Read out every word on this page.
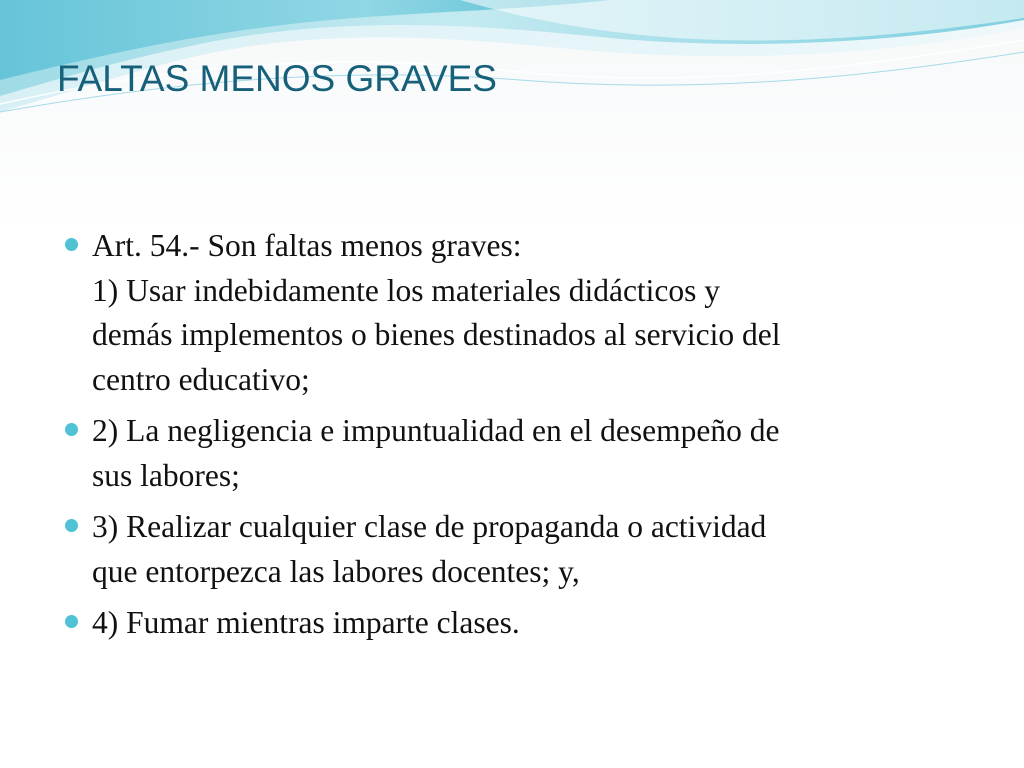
FALTAS MENOS GRAVES
Art. 54.- Son faltas menos graves:
1) Usar indebidamente los materiales didácticos y
demás implementos o bienes destinados al servicio del
centro educativo;
2) La negligencia e impuntualidad en el desempeño de
sus labores;
3) Realizar cualquier clase de propaganda o actividad
que entorpezca las labores docentes; y,
4) Fumar mientras imparte clases.
